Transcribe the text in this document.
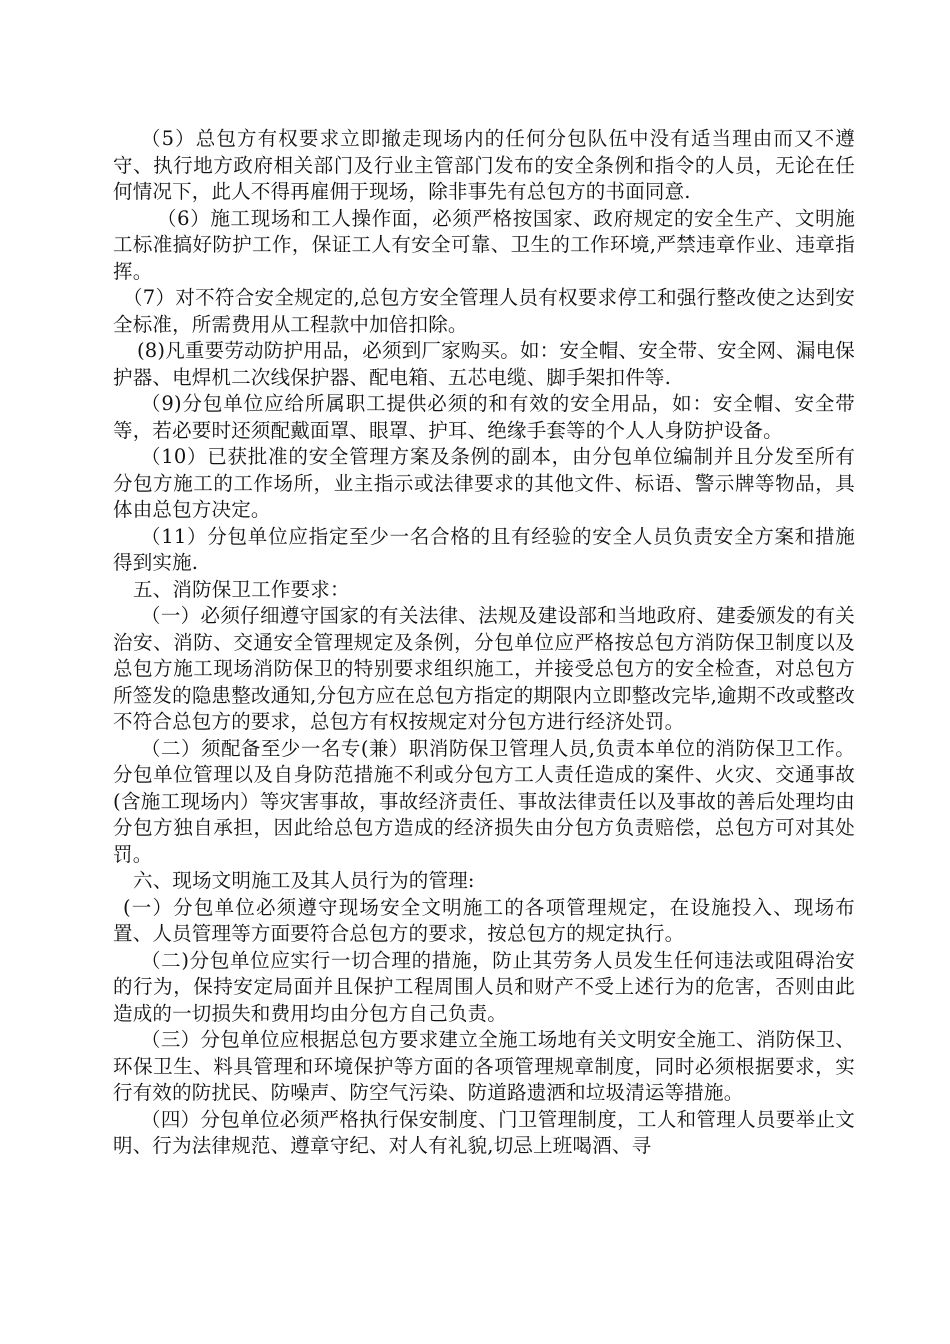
（5）总包方有权要求立即撤走现场内的任何分包队伍中没有适当理由而又不遵守、执行地方政府相关部门及行业主管部门发布的安全条例和指令的人员，无论在任何情况下，此人不得再雇佣于现场，除非事先有总包方的书面同意.

（6）施工现场和工人操作面，必须严格按国家、政府规定的安全生产、文明施工标准搞好防护工作，保证工人有安全可靠、卫生的工作环境,严禁违章作业、违章指挥。

（7）对不符合安全规定的,总包方安全管理人员有权要求停工和强行整改使之达到安全标准，所需费用从工程款中加倍扣除。

(8)凡重要劳动防护用品，必须到厂家购买。如：安全帽、安全带、安全网、漏电保护器、电焊机二次线保护器、配电箱、五芯电缆、脚手架扣件等.

（9)分包单位应给所属职工提供必须的和有效的安全用品，如：安全帽、安全带等，若必要时还须配戴面罩、眼罩、护耳、绝缘手套等的个人人身防护设备。

（10）已获批准的安全管理方案及条例的副本，由分包单位编制并且分发至所有分包方施工的工作场所，业主指示或法律要求的其他文件、标语、警示牌等物品，具体由总包方决定。

（11）分包单位应指定至少一名合格的且有经验的安全人员负责安全方案和措施得到实施.

五、消防保卫工作要求：

（一）必须仔细遵守国家的有关法律、法规及建设部和当地政府、建委颁发的有关治安、消防、交通安全管理规定及条例，分包单位应严格按总包方消防保卫制度以及总包方施工现场消防保卫的特别要求组织施工，并接受总包方的安全检查，对总包方所签发的隐患整改通知,分包方应在总包方指定的期限内立即整改完毕,逾期不改或整改不符合总包方的要求，总包方有权按规定对分包方进行经济处罚。

（二）须配备至少一名专(兼）职消防保卫管理人员,负责本单位的消防保卫工作。分包单位管理以及自身防范措施不利或分包方工人责任造成的案件、火灾、交通事故(含施工现场内）等灾害事故，事故经济责任、事故法律责任以及事故的善后处理均由分包方独自承担，因此给总包方造成的经济损失由分包方负责赔偿，总包方可对其处罚。

六、现场文明施工及其人员行为的管理:

(一）分包单位必须遵守现场安全文明施工的各项管理规定，在设施投入、现场布置、人员管理等方面要符合总包方的要求，按总包方的规定执行。

（二)分包单位应实行一切合理的措施，防止其劳务人员发生任何违法或阻碍治安的行为，保持安定局面并且保护工程周围人员和财产不受上述行为的危害，否则由此造成的一切损失和费用均由分包方自己负责。

（三）分包单位应根据总包方要求建立全施工场地有关文明安全施工、消防保卫、环保卫生、料具管理和环境保护等方面的各项管理规章制度，同时必须根据要求，实行有效的防扰民、防噪声、防空气污染、防道路遗洒和垃圾清运等措施。

（四）分包单位必须严格执行保安制度、门卫管理制度，工人和管理人员要举止文明、行为法律规范、遵章守纪、对人有礼貌,切忌上班喝酒、寻
